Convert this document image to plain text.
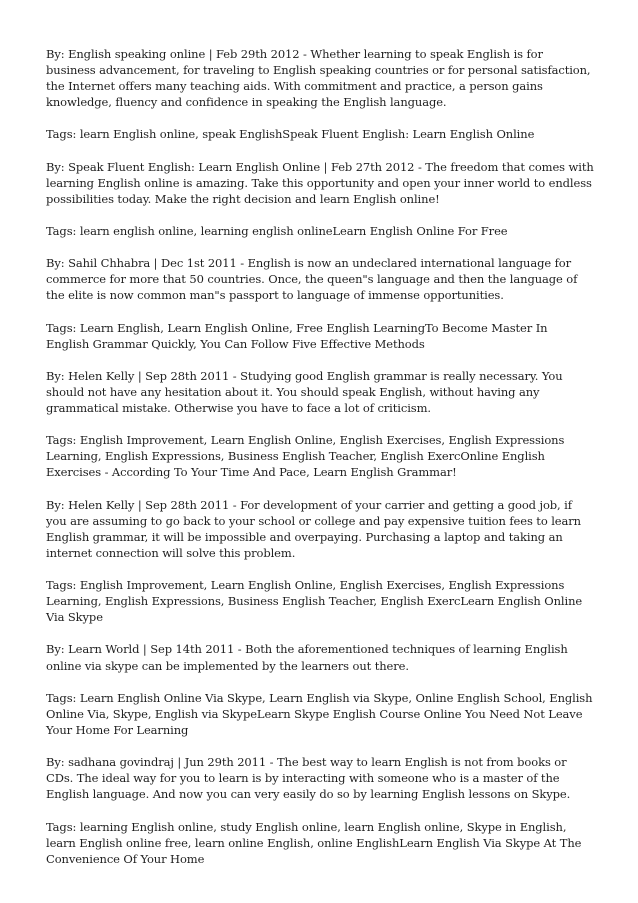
By: English speaking online | Feb 29th 2012 - Whether learning to speak English is for business advancement, for traveling to English speaking countries or for personal satisfaction, the Internet offers many teaching aids. With commitment and practice, a person gains knowledge, fluency and confidence in speaking the English language.

Tags: learn English online, speak EnglishSpeak Fluent English: Learn English Online

By: Speak Fluent English: Learn English Online | Feb 27th 2012 - The freedom that comes with learning English online is amazing. Take this opportunity and open your inner world to endless possibilities today. Make the right decision and learn English online!

Tags: learn english online, learning english onlineLearn English Online For Free

By: Sahil Chhabra | Dec 1st 2011 - English is now an undeclared international language for commerce for more that 50 countries. Once, the queen"s language and then the language of the elite is now common man"s passport to language of immense opportunities.

Tags: Learn English, Learn English Online, Free English LearningTo Become Master In English Grammar Quickly, You Can Follow Five Effective Methods

By: Helen Kelly | Sep 28th 2011 - Studying good English grammar is really necessary. You should not have any hesitation about it. You should speak English, without having any grammatical mistake. Otherwise you have to face a lot of criticism.

Tags: English Improvement, Learn English Online, English Exercises, English Expressions Learning, English Expressions, Business English Teacher, English ExercOnline English Exercises - According To Your Time And Pace, Learn English Grammar!

By: Helen Kelly | Sep 28th 2011 - For development of your carrier and getting a good job, if you are assuming to go back to your school or college and pay expensive tuition fees to learn English grammar, it will be impossible and overpaying. Purchasing a laptop and taking an internet connection will solve this problem.

Tags: English Improvement, Learn English Online, English Exercises, English Expressions Learning, English Expressions, Business English Teacher, English ExercLearn English Online Via Skype

By: Learn World | Sep 14th 2011 - Both the aforementioned techniques of learning English online via skype can be implemented by the learners out there.

Tags: Learn English Online Via Skype, Learn English via Skype, Online English School, English Online Via, Skype, English via SkypeLearn Skype English Course Online You Need Not Leave Your Home For Learning

By: sadhana govindraj | Jun 29th 2011 - The best way to learn English is not from books or CDs. The ideal way for you to learn is by interacting with someone who is a master of the English language. And now you can very easily do so by learning English lessons on Skype.

Tags: learning English online, study English online, learn English online, Skype in English, learn English online free, learn online English, online EnglishLearn English Via Skype At The Convenience Of Your Home
